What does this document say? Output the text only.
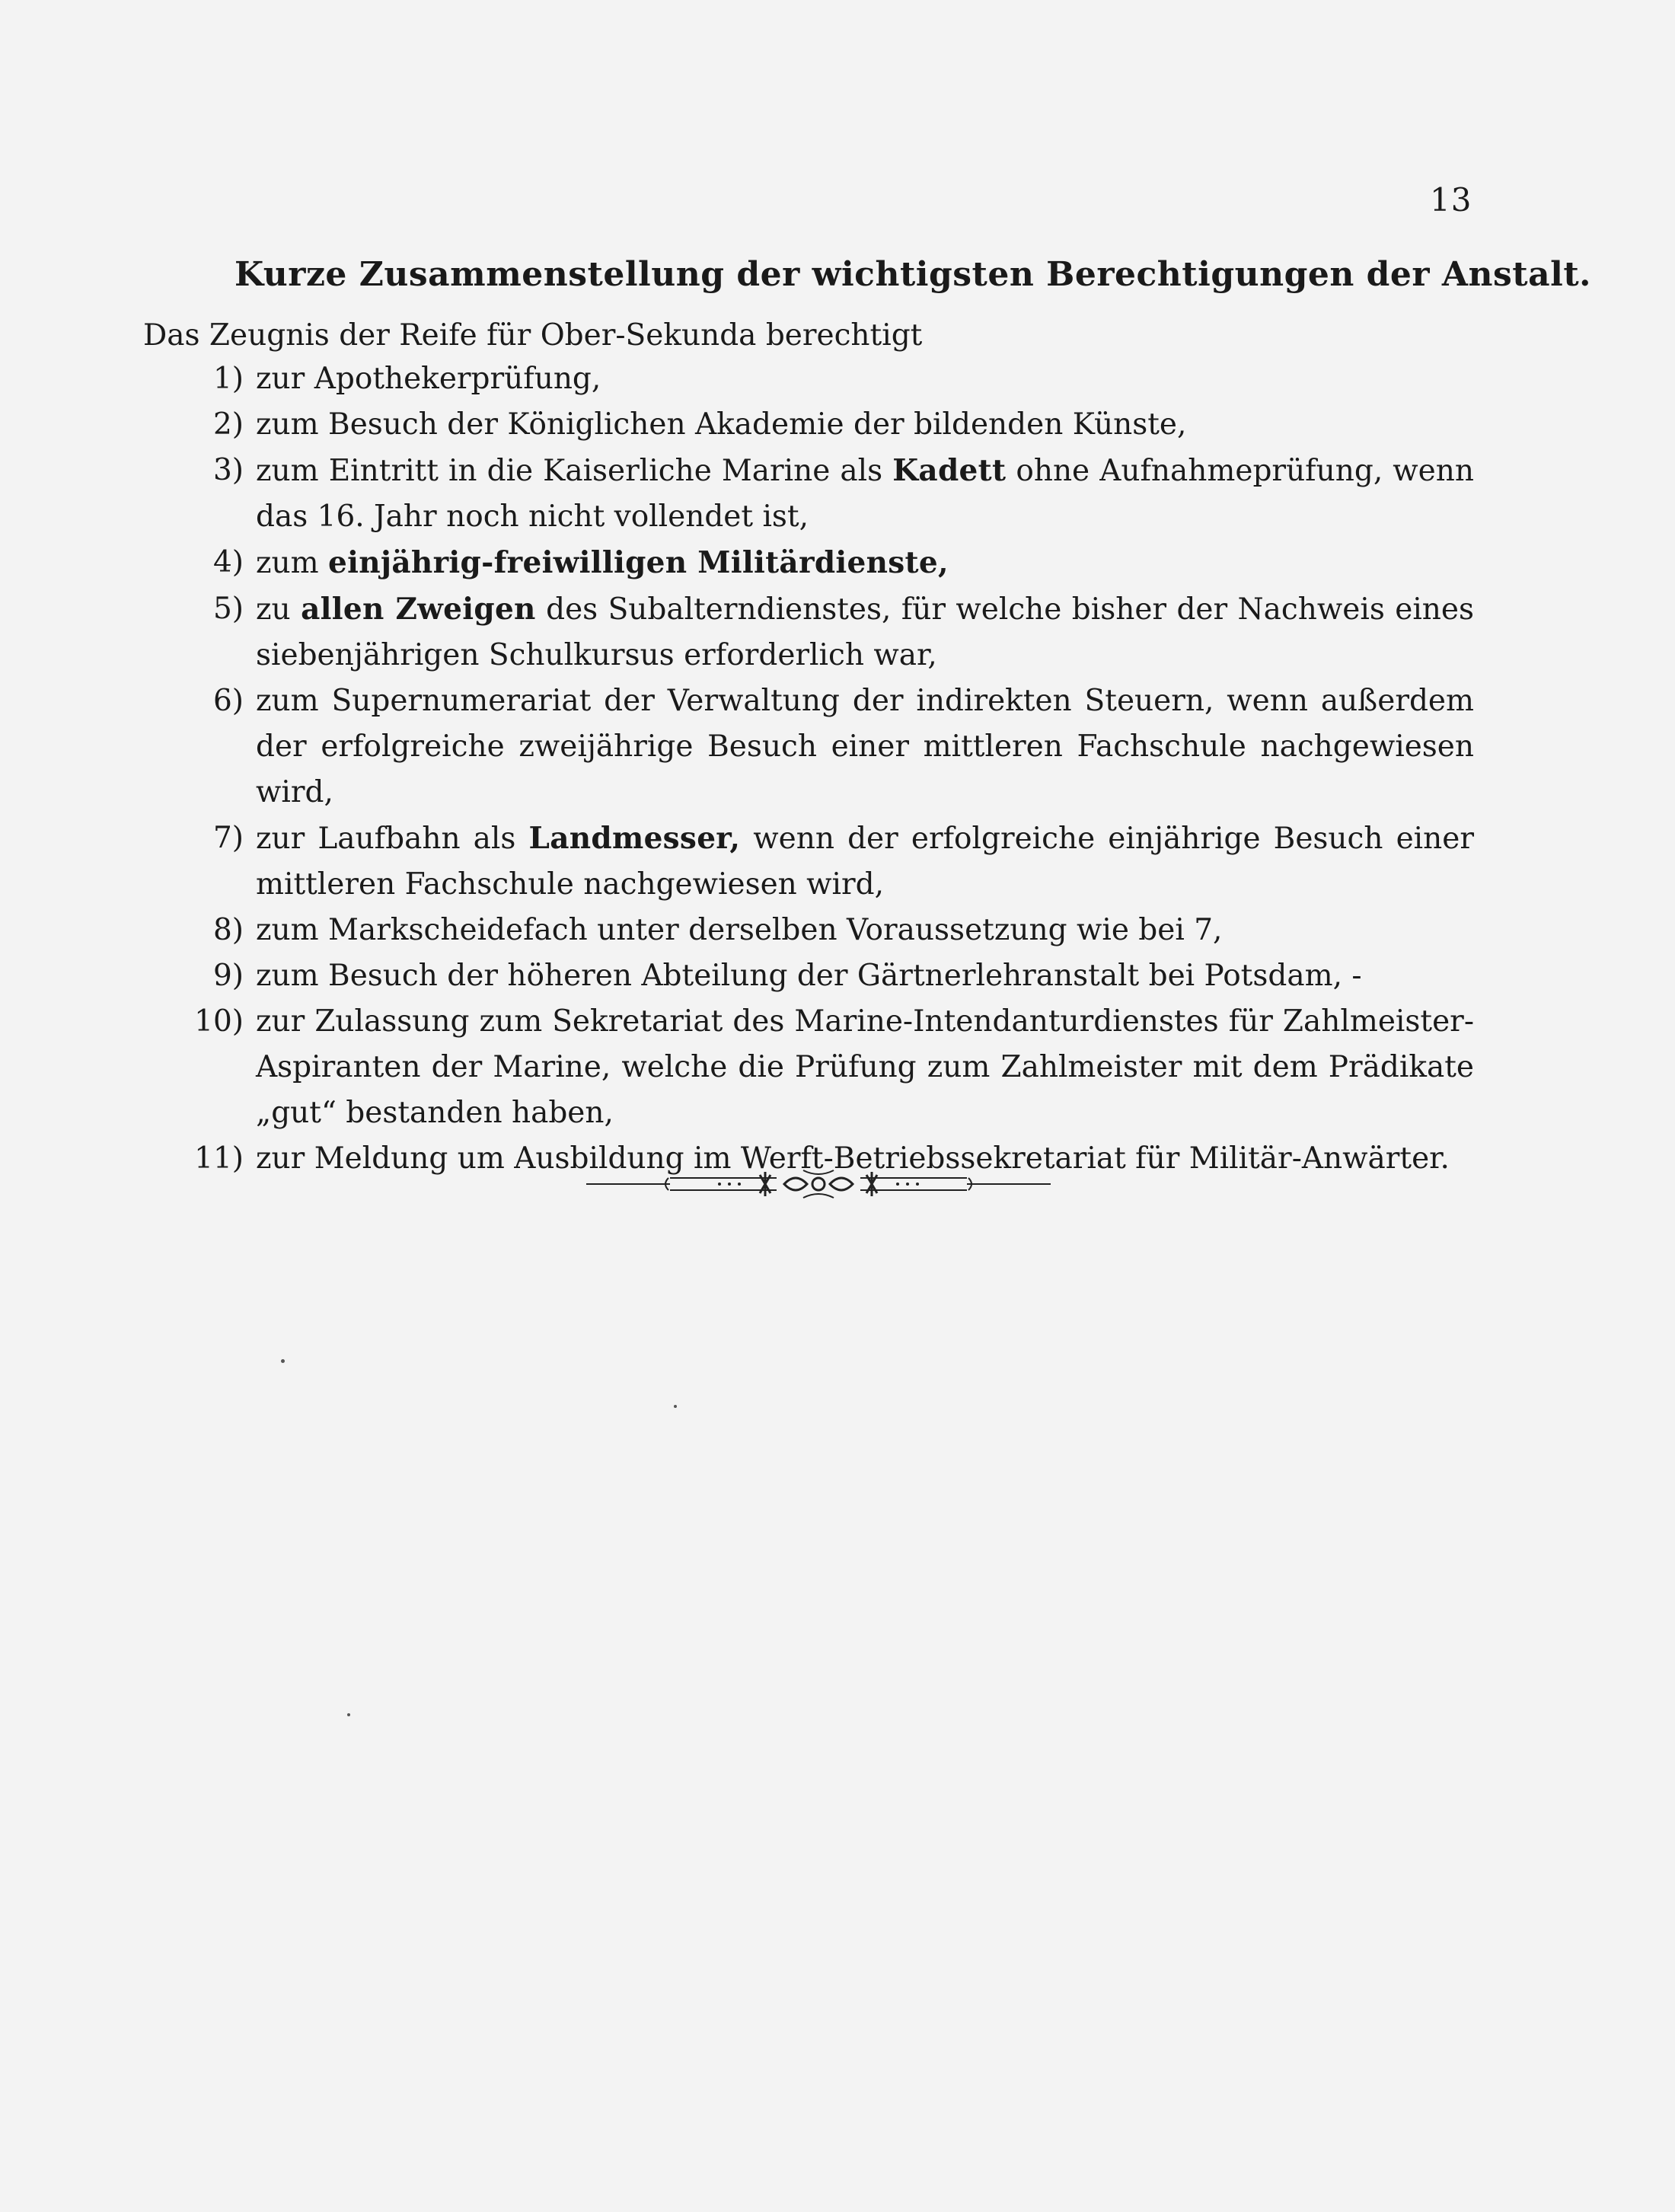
13
Kurze Zusammenstellung der wichtigsten Berechtigungen der Anstalt.
Das Zeugnis der Reife für Ober-Sekunda berechtigt
1) zur Apothekerprüfung,
2) zum Besuch der Königlichen Akademie der bildenden Künste,
3) zum Eintritt in die Kaiserliche Marine als Kadett ohne Aufnahmeprüfung, wenn das 16. Jahr noch nicht vollendet ist,
4) zum einjährig-freiwilligen Militärdienste,
5) zu allen Zweigen des Subalterndienstes, für welche bisher der Nachweis eines siebenjährigen Schulkursus erforderlich war,
6) zum Supernumerariat der Verwaltung der indirekten Steuern, wenn außerdem der erfolgreiche zweijährige Besuch einer mittleren Fachschule nachgewiesen wird,
7) zur Laufbahn als Landmesser, wenn der erfolgreiche einjährige Besuch einer mittleren Fachschule nachgewiesen wird,
8) zum Markscheidefach unter derselben Voraussetzung wie bei 7,
9) zum Besuch der höheren Abteilung der Gärtnerlehranstalt bei Potsdam, -
10) zur Zulassung zum Sekretariat des Marine-Intendanturdienstes für Zahlmeister-Aspiranten der Marine, welche die Prüfung zum Zahlmeister mit dem Prädikate „gut“ bestanden haben,
11) zur Meldung um Ausbildung im Werft-Betriebssekretariat für Militär-Anwärter.
